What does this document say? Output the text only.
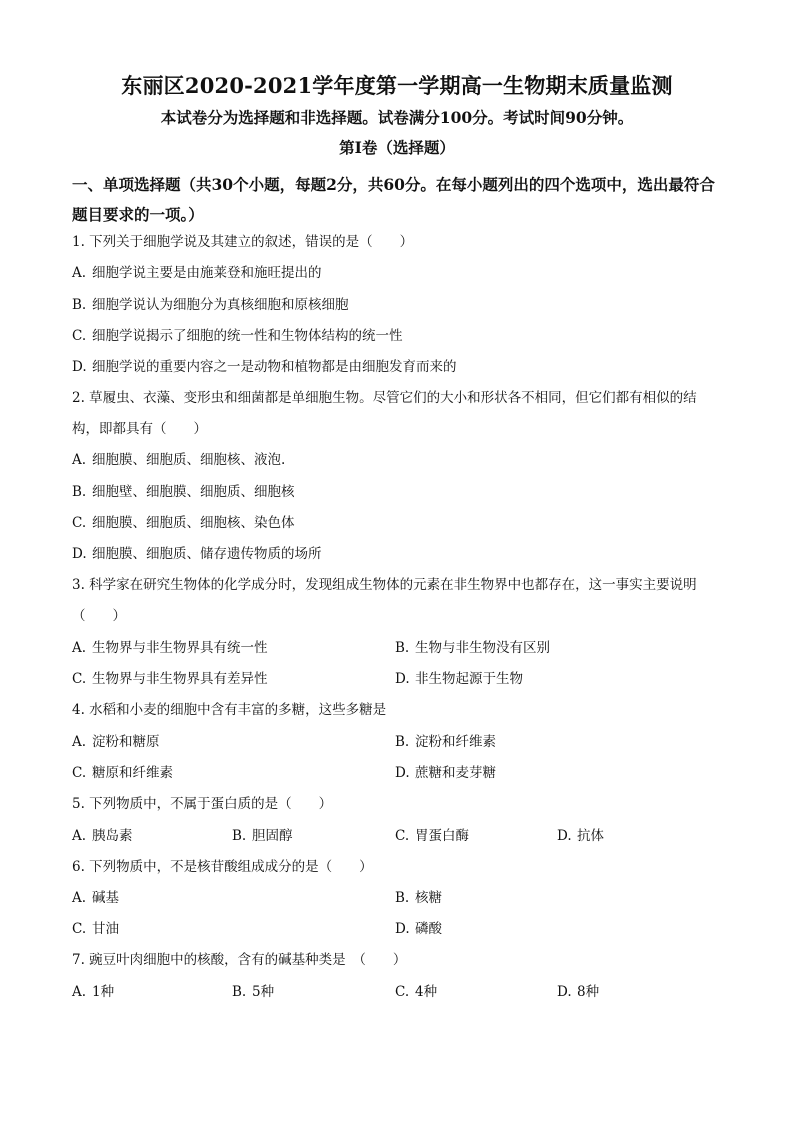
东丽区2020-2021学年度第一学期高一生物期末质量监测
本试卷分为选择题和非选择题。试卷满分100分。考试时间90分钟。
第Ⅰ卷（选择题）
一、单项选择题（共30个小题，每题2分，共60分。在每小题列出的四个选项中，选出最符合题目要求的一项。）
1. 下列关于细胞学说及其建立的叙述，错误的是（　　）
A. 细胞学说主要是由施莱登和施旺提出的
B. 细胞学说认为细胞分为真核细胞和原核细胞
C. 细胞学说揭示了细胞的统一性和生物体结构的统一性
D. 细胞学说的重要内容之一是动物和植物都是由细胞发育而来的
2. 草履虫、衣藻、变形虫和细菌都是单细胞生物。尽管它们的大小和形状各不相同，但它们都有相似的结构，即都具有（　　）
A. 细胞膜、细胞质、细胞核、液泡.
B. 细胞壁、细胞膜、细胞质、细胞核
C. 细胞膜、细胞质、细胞核、染色体
D. 细胞膜、细胞质、储存遗传物质的场所
3. 科学家在研究生物体的化学成分时，发现组成生物体的元素在非生物界中也都存在，这一事实主要说明（　　）
A. 生物界与非生物界具有统一性	B. 生物与非生物没有区别
C. 生物界与非生物界具有差异性	D. 非生物起源于生物
4. 水稻和小麦的细胞中含有丰富的多糖，这些多糖是
A. 淀粉和糖原	B. 淀粉和纤维素
C. 糖原和纤维素	D. 蔗糖和麦芽糖
5. 下列物质中，不属于蛋白质的是（　　）
A. 胰岛素	B. 胆固醇	C. 胃蛋白酶	D. 抗体
6. 下列物质中，不是核苷酸组成成分的是（　　）
A. 碱基	B. 核糖
C. 甘油	D. 磷酸
7. 豌豆叶肉细胞中的核酸，含有的碱基种类是　（　　）
A. 1种	B. 5种	C. 4种	D. 8种
